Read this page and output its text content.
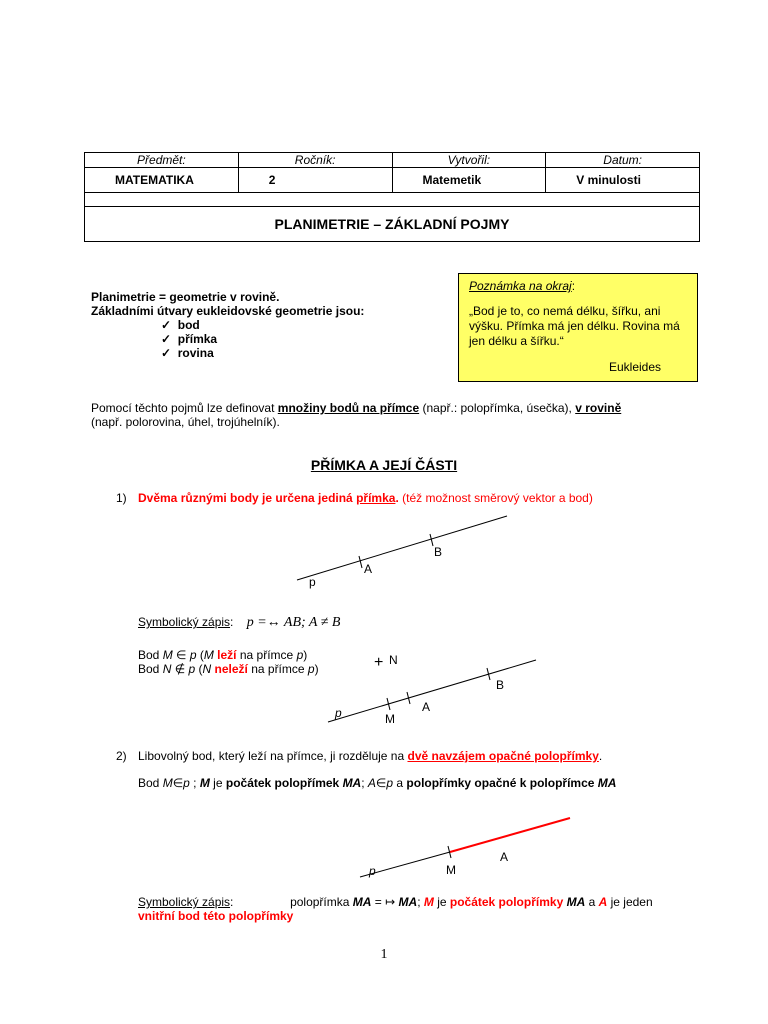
Předmět:	Ročník:	Vytvořil:	Datum:
MATEMATIKA	2	Matemetik	V minulosti

PLANIMETRIE – ZÁKLADNÍ POJMY			
Poznámka na okraj:
„Bod je to, co nemá délku, šířku, ani výšku. Přímka má jen délku. Rovina má jen délku a šířku.“
Eukleides
Planimetrie = geometrie v rovině.
Základními útvary eukleidovské geometrie jsou:
✓ bod
✓ přímka
✓ rovina
Pomocí těchto pojmů lze definovat množiny bodů na přímce (např.: polopřímka, úsečka), v rovině
(např. polorovina, úhel, trojúhelník).
PŘÍMKA A JEJÍ ČÁSTI
1) Dvěma různými body je určena jediná přímka. (též možnost směrový vektor a bod)
A
B
p
+ N
B
A
M
p
A
M
p
Symbolický zápis: p =↔ AB; A ≠ B
Bod M ∈ p (M leží na přímce p)
Bod N ∉ p (N neleží na přímce p)
2) Libovolný bod, který leží na přímce, ji rozděluje na dvě navzájem opačné polopřímky.
Bod M∈p ; M je počátek polopřímek MA; A∈p a polopřímky opačné k polopřímce MA
Symbolický zápis:	polopřímka MA = ↦ MA; M je počátek polopřímky MA a A je jeden
vnitřní bod této polopřímky
1
